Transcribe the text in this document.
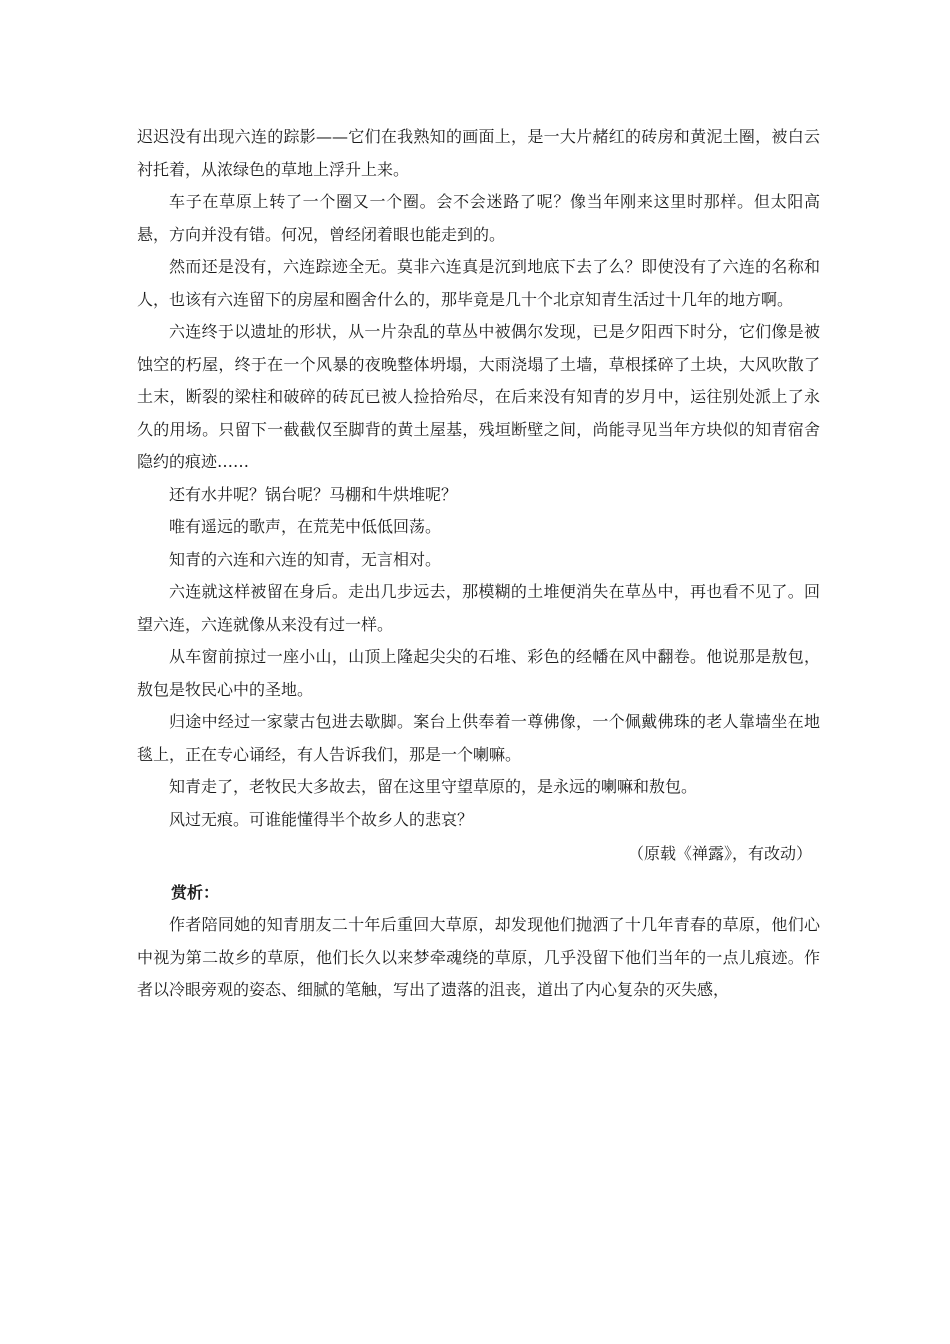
迟迟没有出现六连的踪影——它们在我熟知的画面上，是一大片赭红的砖房和黄泥土圈，被白云衬托着，从浓绿色的草地上浮升上来。

车子在草原上转了一个圈又一个圈。会不会迷路了呢？像当年刚来这里时那样。但太阳高悬，方向并没有错。何况，曾经闭着眼也能走到的。

然而还是没有，六连踪迹全无。莫非六连真是沉到地底下去了么？即使没有了六连的名称和人，也该有六连留下的房屋和圈舍什么的，那毕竟是几十个北京知青生活过十几年的地方啊。

六连终于以遗址的形状，从一片杂乱的草丛中被偶尔发现，已是夕阳西下时分，它们像是被蚀空的朽屋，终于在一个风暴的夜晚整体坍塌，大雨浇塌了土墙，草根揉碎了土块，大风吹散了土末，断裂的梁柱和破碎的砖瓦已被人捡拾殆尽，在后来没有知青的岁月中，运往别处派上了永久的用场。只留下一截截仅至脚背的黄土屋基，残垣断壁之间，尚能寻见当年方块似的知青宿舍隐约的痕迹……

还有水井呢？锅台呢？马棚和牛烘堆呢？

唯有遥远的歌声，在荒芜中低低回荡。

知青的六连和六连的知青，无言相对。

六连就这样被留在身后。走出几步远去，那模糊的土堆便消失在草丛中，再也看不见了。回望六连，六连就像从来没有过一样。

从车窗前掠过一座小山，山顶上隆起尖尖的石堆、彩色的经幡在风中翻卷。他说那是敖包，敖包是牧民心中的圣地。

归途中经过一家蒙古包进去歇脚。案台上供奉着一尊佛像，一个佩戴佛珠的老人靠墙坐在地毯上，正在专心诵经，有人告诉我们，那是一个喇嘛。

知青走了，老牧民大多故去，留在这里守望草原的，是永远的喇嘛和敖包。

风过无痕。可谁能懂得半个故乡人的悲哀？

（原载《禅露》，有改动）

赏析：

作者陪同她的知青朋友二十年后重回大草原，却发现他们抛洒了十几年青春的草原，他们心中视为第二故乡的草原，他们长久以来梦牵魂绕的草原，几乎没留下他们当年的一点儿痕迹。作者以冷眼旁观的姿态、细腻的笔触，写出了遗落的沮丧，道出了内心复杂的灭失感，
